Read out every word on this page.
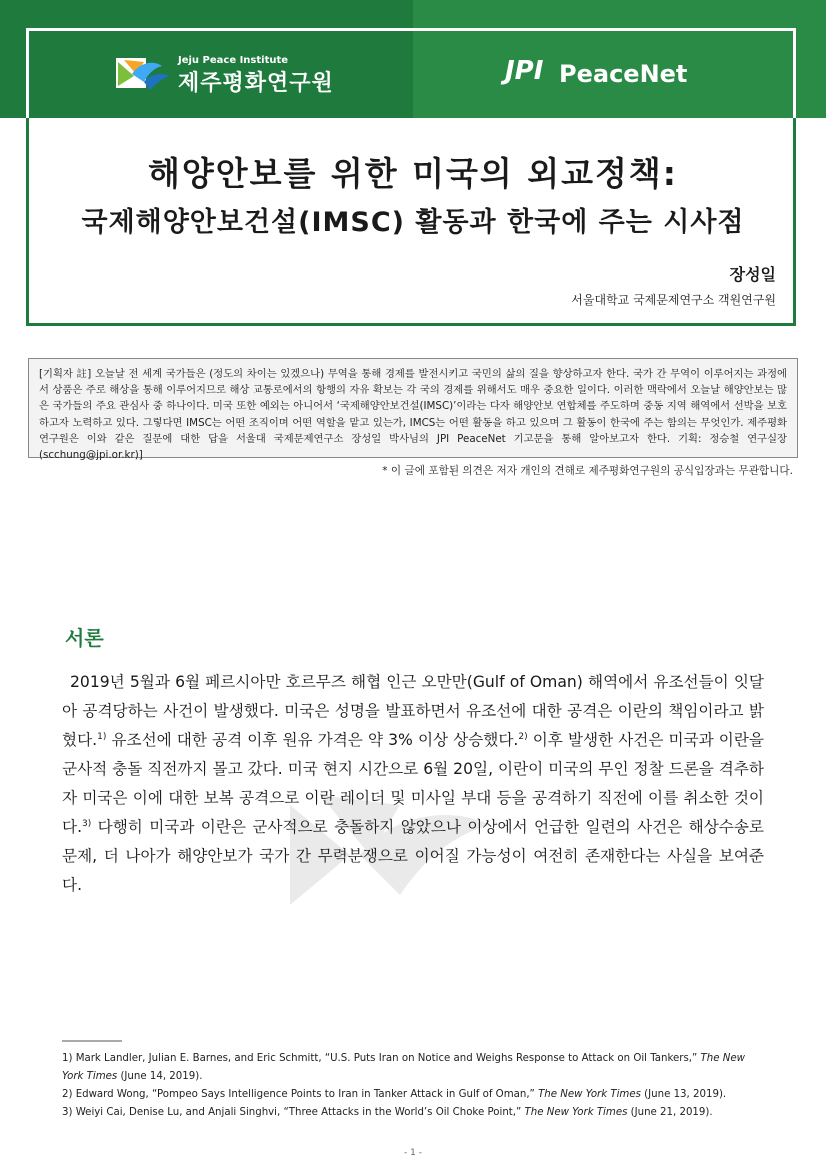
Jeju Peace Institute
제주평화연구원	JPI PeaceNet
해양안보를 위한 미국의 외교정책:
국제해양안보건설(IMSC) 활동과 한국에 주는 시사점
장성일
서울대학교 국제문제연구소 객원연구원

[기획자 註] 오늘날 전 세계 국가들은 (정도의 차이는 있겠으나) 무역을 통해 경제를 발전시키고 국민의 삶의 질을 향상하고자 한다. 국가 간 무역이 이루어지는 과정에서 상품은 주로 해상을 통해 이루어지므로 해상 교통로에서의 항행의 자유 확보는 각 국의 경제를 위해서도 매우 중요한 일이다. 이러한 맥락에서 오늘날 해양안보는 많은 국가들의 주요 관심사 중 하나이다. 미국 또한 예외는 아니어서 ‘국제해양안보건설(IMSC)’이라는 다자 해양안보 연합체를 주도하며 중동 지역 해역에서 선박을 보호하고자 노력하고 있다. 그렇다면 IMSC는 어떤 조직이며 어떤 역할을 맡고 있는가, IMCS는 어떤 활동을 하고 있으며 그 활동이 한국에 주는 함의는 무엇인가. 제주평화연구원은 이와 같은 질문에 대한 답을 서울대 국제문제연구소 장성일 박사님의 JPI PeaceNet 기고문을 통해 알아보고자 한다. 기획: 정승철 연구실장(scchung@jpi.or.kr)]

* 이 글에 포함된 의견은 저자 개인의 견해로 제주평화연구원의 공식입장과는 무관합니다.
서론

2019년 5월과 6월 페르시아만 호르무즈 해협 인근 오만만(Gulf of Oman) 해역에서 유조선들이 잇달아 공격당하는 사건이 발생했다. 미국은 성명을 발표하면서 유조선에 대한 공격은 이란의 책임이라고 밝혔다.$^{1)}$ 유조선에 대한 공격 이후 원유 가격은 약 3% 이상 상승했다.$^{2)}$ 이후 발생한 사건은 미국과 이란을 군사적 충돌 직전까지 몰고 갔다. 미국 현지 시간으로 6월 20일, 이란이 미국의 무인 정찰 드론을 격추하자 미국은 이에 대한 보복 공격으로 이란 레이더 및 미사일 부대 등을 공격하기 직전에 이를 취소한 것이다.$^{3)}$ 다행히 미국과 이란은 군사적으로 충돌하지 않았으나 이상에서 언급한 일련의 사건은 해상수송로 문제, 더 나아가 해양안보가 국가 간 무력분쟁으로 이어질 가능성이 여전히 존재한다는 사실을 보여준다.

1) Mark Landler, Julian E. Barnes, and Eric Schmitt, “U.S. Puts Iran on Notice and Weighs Response to Attack on Oil Tankers,” The New York Times (June 14, 2019).

2) Edward Wong, “Pompeo Says Intelligence Points to Iran in Tanker Attack in Gulf of Oman,” The New York Times (June 13, 2019).

3) Weiyi Cai, Denise Lu, and Anjali Singhvi, “Three Attacks in the World’s Oil Choke Point,” The New York Times (June 21, 2019).

- 1 -
